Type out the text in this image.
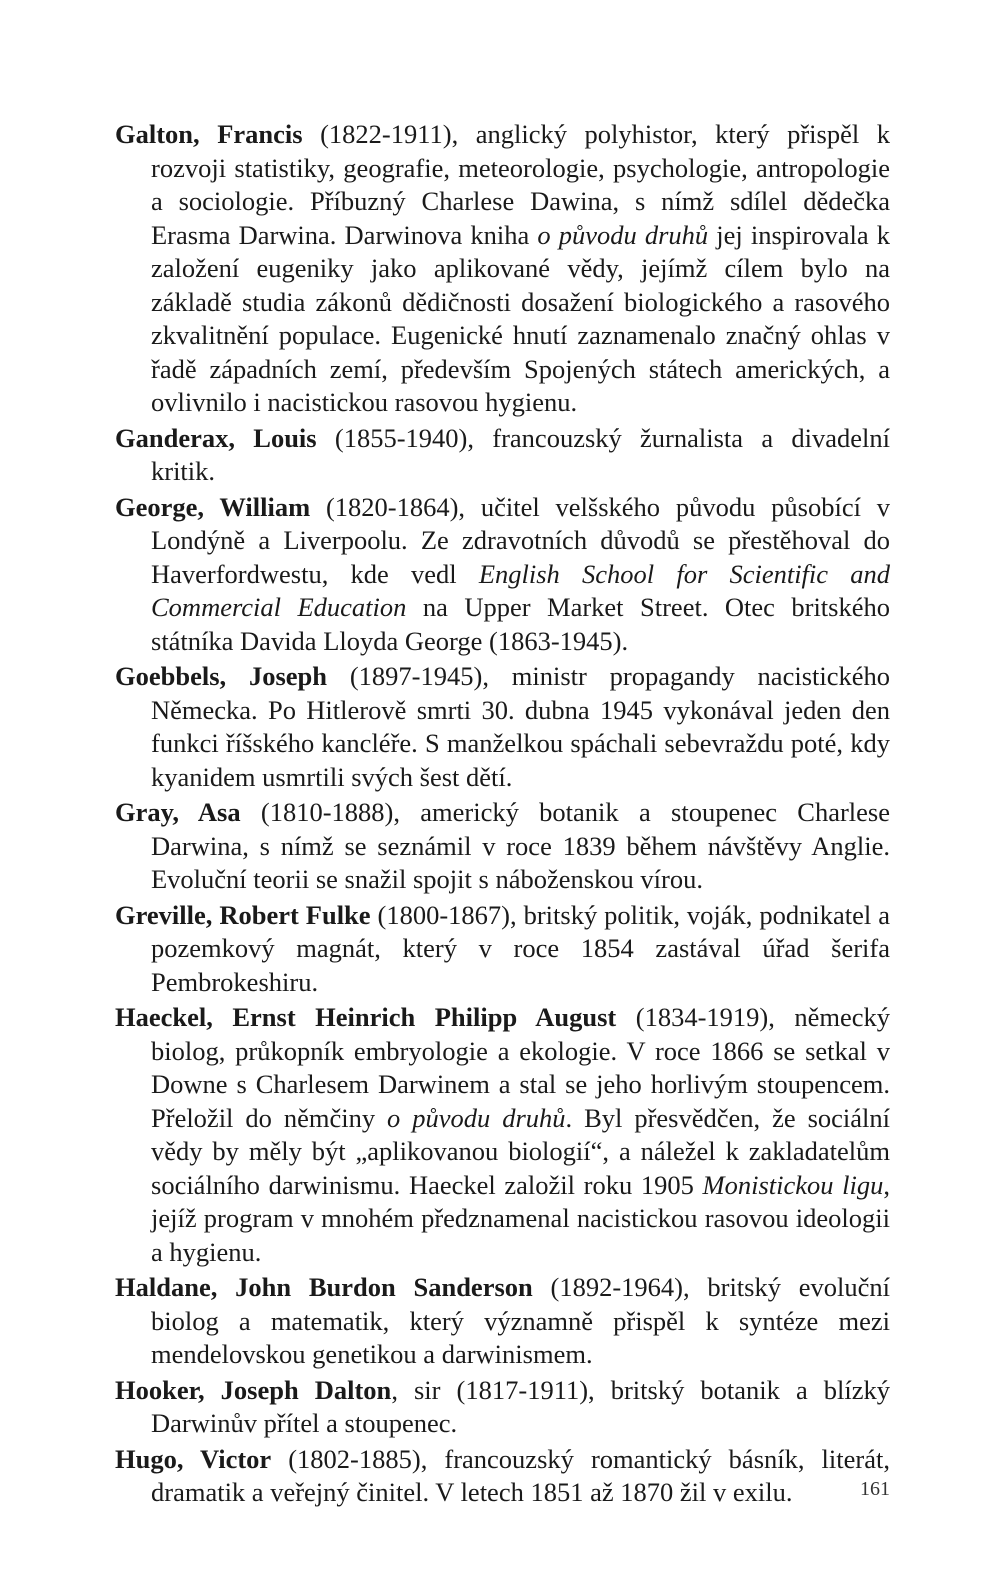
Galton, Francis (1822-1911), anglický polyhistor, který přispěl k rozvoji statistiky, geografie, meteorologie, psychologie, antropologie a sociologie. Příbuzný Charlese Dawina, s nímž sdílel dědečka Erasma Darwina. Darwinova kniha o původu druhů jej inspirovala k založení eugeniky jako aplikované vědy, jejímž cílem bylo na základě studia zákonů dědičnosti dosažení biologického a rasového zkvalitnění populace. Eugenické hnutí zaznamenalo značný ohlas v řadě západních zemí, především Spojených státech amerických, a ovlivnilo i nacistickou rasovou hygienu.

Ganderax, Louis (1855-1940), francouzský žurnalista a divadelní kritik.

George, William (1820-1864), učitel velšského původu působící v Londýně a Liverpoolu. Ze zdravotních důvodů se přestěhoval do Haverfordwestu, kde vedl English School for Scientific and Commercial Education na Upper Market Street. Otec britského státníka Davida Lloyda George (1863-1945).

Goebbels, Joseph (1897-1945), ministr propagandy nacistického Německa. Po Hitlerově smrti 30. dubna 1945 vykonával jeden den funkci říšského kancléře. S manželkou spáchali sebevraždu poté, kdy kyanidem usmrtili svých šest dětí.

Gray, Asa (1810-1888), americký botanik a stoupenec Charlese Darwina, s nímž se seznámil v roce 1839 během návštěvy Anglie. Evoluční teorii se snažil spojit s náboženskou vírou.

Greville, Robert Fulke (1800-1867), britský politik, voják, podnikatel a pozemkový magnát, který v roce 1854 zastával úřad šerifa Pembrokeshiru.

Haeckel, Ernst Heinrich Philipp August (1834-1919), německý biolog, průkopník embryologie a ekologie. V roce 1866 se setkal v Downe s Charlesem Darwinem a stal se jeho horlivým stoupencem. Přeložil do němčiny o původu druhů. Byl přesvědčen, že sociální vědy by měly být „aplikovanou biologií“, a náležel k zakladatelům sociálního darwinismu. Haeckel založil roku 1905 Monistickou ligu, jejíž program v mnohém předznamenal nacistickou rasovou ideologii a hygienu.

Haldane, John Burdon Sanderson (1892-1964), britský evoluční biolog a matematik, který významně přispěl k syntéze mezi mendelovskou genetikou a darwinismem.

Hooker, Joseph Dalton, sir (1817-1911), britský botanik a blízký Darwinův přítel a stoupenec.

Hugo, Victor (1802-1885), francouzský romantický básník, literát, dramatik a veřejný činitel. V letech 1851 až 1870 žil v exilu.	161
